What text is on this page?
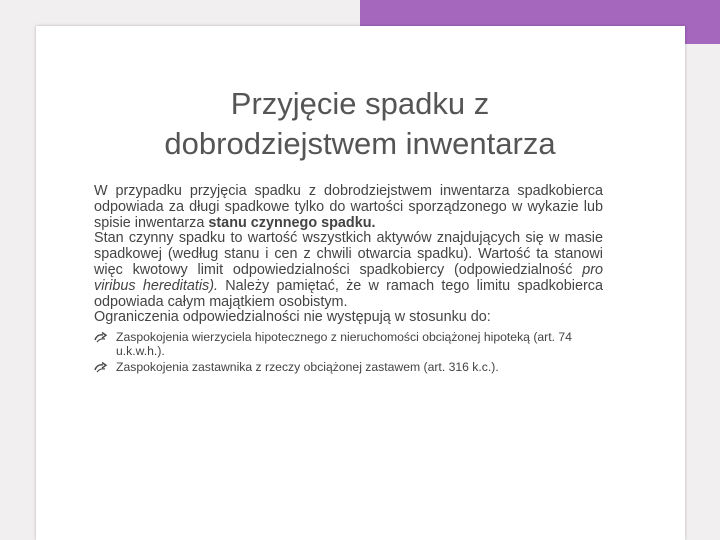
Przyjęcie spadku z
dobrodziejstwem inwentarza

W przypadku przyjęcia spadku z dobrodziejstwem inwentarza spadkobierca odpowiada za długi spadkowe tylko do wartości sporządzonego w wykazie lub spisie inwentarza stanu czynnego spadku.

Stan czynny spadku to wartość wszystkich aktywów znajdujących się w masie spadkowej (według stanu i cen z chwili otwarcia spadku). Wartość ta stanowi więc kwotowy limit odpowiedzialności spadkobiercy (odpowiedzialność pro viribus hereditatis). Należy pamiętać, że w ramach tego limitu spadkobierca odpowiada całym majątkiem osobistym.

Ograniczenia odpowiedzialności nie występują w stosunku do:

Zaspokojenia wierzyciela hipotecznego z nieruchomości obciążonej hipoteką (art. 74 u.k.w.h.).
Zaspokojenia zastawnika z rzeczy obciążonej zastawem (art. 316 k.c.).
